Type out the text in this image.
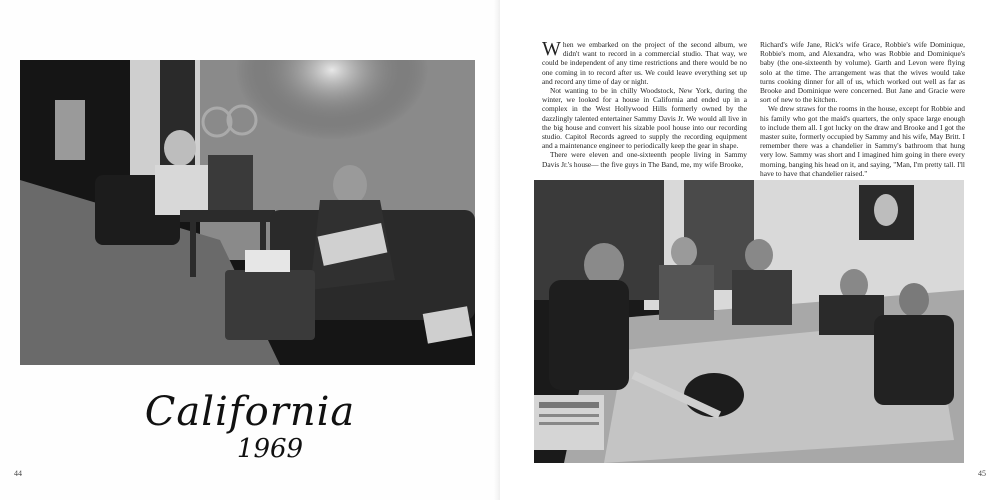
California
1969
44

When we embarked on the project of the second album, we didn't want to record in a commercial studio. That way, we could be independent of any time restrictions and there would be no one coming in to record after us. We could leave everything set up and record any time of day or night.

Not wanting to be in chilly Woodstock, New York, during the winter, we looked for a house in California and ended up in a complex in the West Hollywood Hills formerly owned by the dazzlingly talented entertainer Sammy Davis Jr. We would all live in the big house and convert his sizable pool house into our recording studio. Capitol Records agreed to supply the recording equipment and a maintenance engineer to periodically keep the gear in shape.

There were eleven and one-sixteenth people living in Sammy Davis Jr.'s house— the five guys in The Band, me, my wife Brooke,

Richard's wife Jane, Rick's wife Grace, Robbie's wife Dominique, Robbie's mom, and Alexandra, who was Robbie and Dominique's baby (the one-sixteenth by volume). Garth and Levon were flying solo at the time. The arrangement was that the wives would take turns cooking dinner for all of us, which worked out well as far as Brooke and Dominique were concerned. But Jane and Gracie were sort of new to the kitchen.

We drew straws for the rooms in the house, except for Robbie and his family who got the maid's quarters, the only space large enough to include them all. I got lucky on the draw and Brooke and I got the master suite, formerly occupied by Sammy and his wife, May Britt. I remember there was a chandelier in Sammy's bathroom that hung very low. Sammy was short and I imagined him going in there every morning, banging his head on it, and saying, "Man, I'm pretty tall. I'll have to have that chandelier raised."

45
